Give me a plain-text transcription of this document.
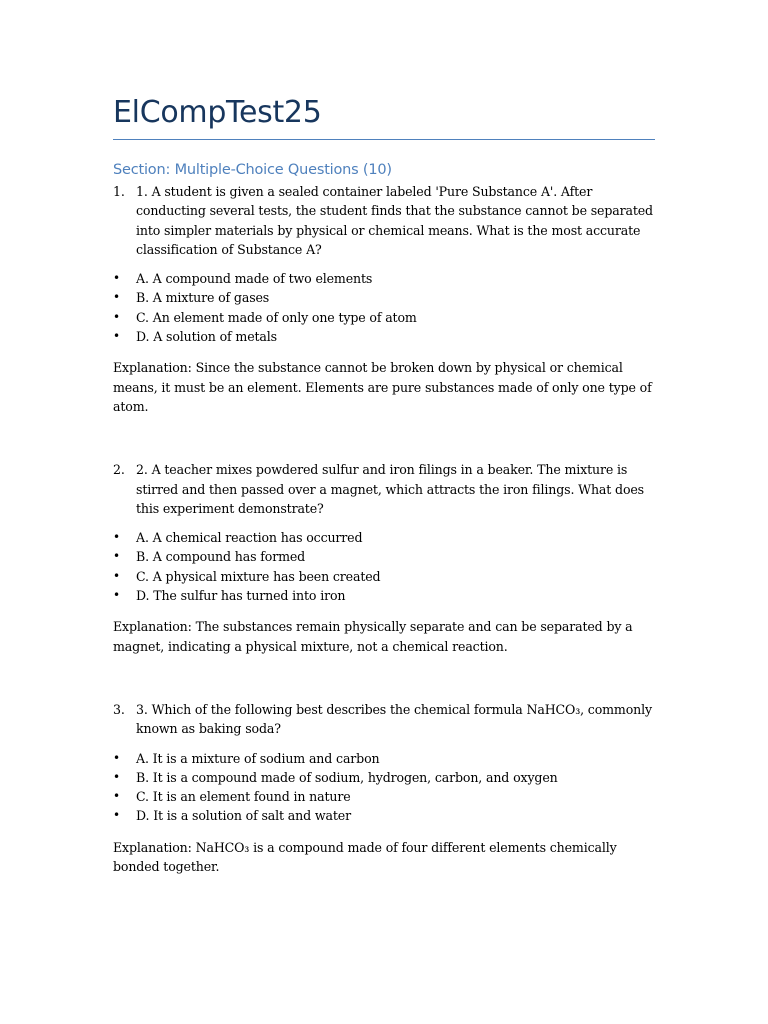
ElCompTest25
Section: Multiple-Choice Questions (10)

1. 1. A student is given a sealed container labeled 'Pure Substance A'. After conducting several tests, the student finds that the substance cannot be separated into simpler materials by physical or chemical means. What is the most accurate classification of Substance A?

• A. A compound made of two elements
• B. A mixture of gases
• C. An element made of only one type of atom
• D. A solution of metals

Explanation: Since the substance cannot be broken down by physical or chemical means, it must be an element. Elements are pure substances made of only one type of atom.

2. 2. A teacher mixes powdered sulfur and iron filings in a beaker. The mixture is stirred and then passed over a magnet, which attracts the iron filings. What does this experiment demonstrate?

• A. A chemical reaction has occurred
• B. A compound has formed
• C. A physical mixture has been created
• D. The sulfur has turned into iron

Explanation: The substances remain physically separate and can be separated by a magnet, indicating a physical mixture, not a chemical reaction.

3. 3. Which of the following best describes the chemical formula NaHCO₃, commonly known as baking soda?

• A. It is a mixture of sodium and carbon
• B. It is a compound made of sodium, hydrogen, carbon, and oxygen
• C. It is an element found in nature
• D. It is a solution of salt and water

Explanation: NaHCO₃ is a compound made of four different elements chemically bonded together.
